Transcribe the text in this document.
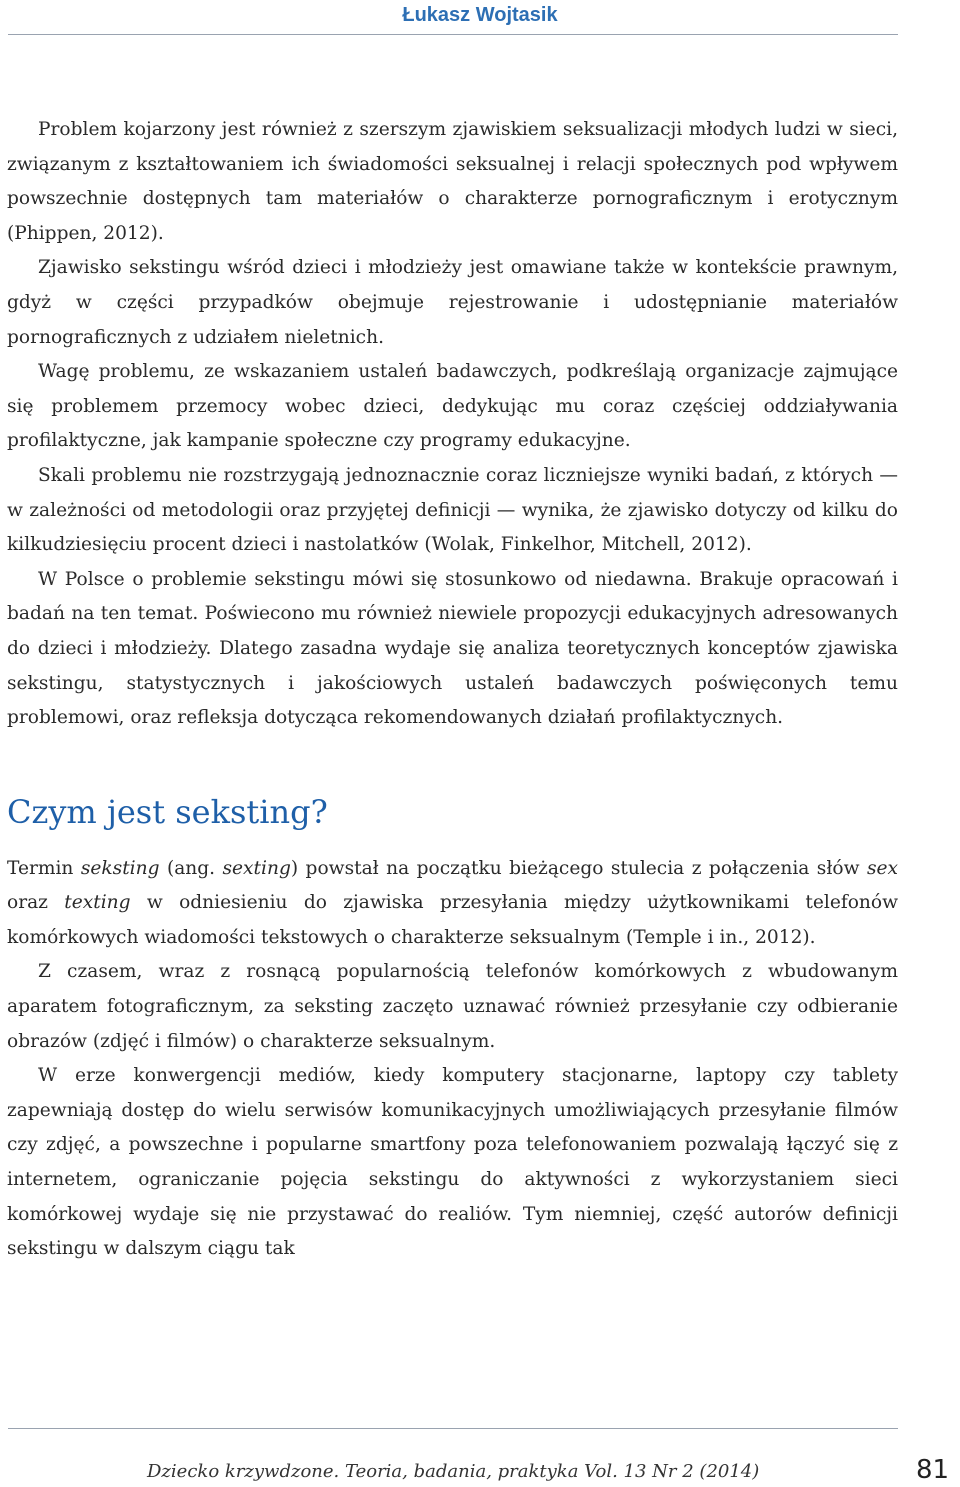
Łukasz Wojtasik

Problem kojarzony jest również z szerszym zjawiskiem seksualizacji młodych ludzi w sieci, związanym z kształtowaniem ich świadomości seksualnej i relacji społecznych pod wpływem powszechnie dostępnych tam materiałów o charakterze pornograficznym i erotycznym (Phippen, 2012).

Zjawisko sekstingu wśród dzieci i młodzieży jest omawiane także w kontekście prawnym, gdyż w części przypadków obejmuje rejestrowanie i udostępnianie materiałów pornograficznych z udziałem nieletnich.

Wagę problemu, ze wskazaniem ustaleń badawczych, podkreślają organizacje zajmujące się problemem przemocy wobec dzieci, dedykując mu coraz częściej oddziaływania profilaktyczne, jak kampanie społeczne czy programy edukacyjne.

Skali problemu nie rozstrzygają jednoznacznie coraz liczniejsze wyniki badań, z których — w zależności od metodologii oraz przyjętej definicji — wynika, że zjawisko dotyczy od kilku do kilkudziesięciu procent dzieci i nastolatków (Wolak, Finkelhor, Mitchell, 2012).

W Polsce o problemie sekstingu mówi się stosunkowo od niedawna. Brakuje opracowań i badań na ten temat. Poświecono mu również niewiele propozycji edukacyjnych adresowanych do dzieci i młodzieży. Dlatego zasadna wydaje się analiza teoretycznych konceptów zjawiska sekstingu, statystycznych i jakościowych ustaleń badawczych poświęconych temu problemowi, oraz refleksja dotycząca rekomendowanych działań profilaktycznych.

Czym jest seksting?

Termin seksting (ang. sexting) powstał na początku bieżącego stulecia z połączenia słów sex oraz texting w odniesieniu do zjawiska przesyłania między użytkownikami telefonów komórkowych wiadomości tekstowych o charakterze seksualnym (Temple i in., 2012).

Z czasem, wraz z rosnącą popularnością telefonów komórkowych z wbudowanym aparatem fotograficznym, za seksting zaczęto uznawać również przesyłanie czy odbieranie obrazów (zdjęć i filmów) o charakterze seksualnym.

W erze konwergencji mediów, kiedy komputery stacjonarne, laptopy czy tablety zapewniają dostęp do wielu serwisów komunikacyjnych umożliwiających przesyłanie filmów czy zdjęć, a powszechne i popularne smartfony poza telefonowaniem pozwalają łączyć się z internetem, ograniczanie pojęcia sekstingu do aktywności z wykorzystaniem sieci komórkowej wydaje się nie przystawać do realiów. Tym niemniej, część autorów definicji sekstingu w dalszym ciągu tak

Dziecko krzywdzone. Teoria, badania, praktyka Vol. 13 Nr 2 (2014)	81
